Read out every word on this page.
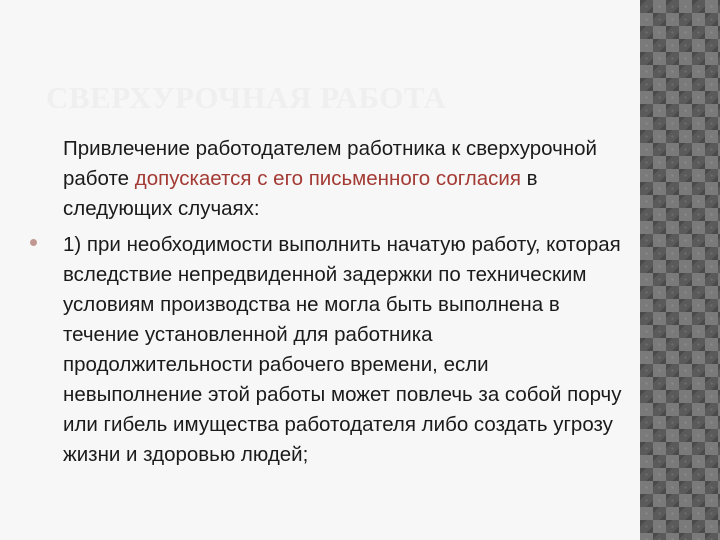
СВЕРХУРОЧНАЯ РАБОТА
Привлечение работодателем работника к сверхурочной работе допускается с его письменного согласия в следующих случаях:
1) при необходимости выполнить начатую работу, которая вследствие непредвиденной задержки по техническим условиям производства не могла быть выполнена в течение установленной для работника продолжительности рабочего времени, если невыполнение этой работы может повлечь за собой порчу или гибель имущества работодателя либо создать угрозу жизни и здоровью людей;
